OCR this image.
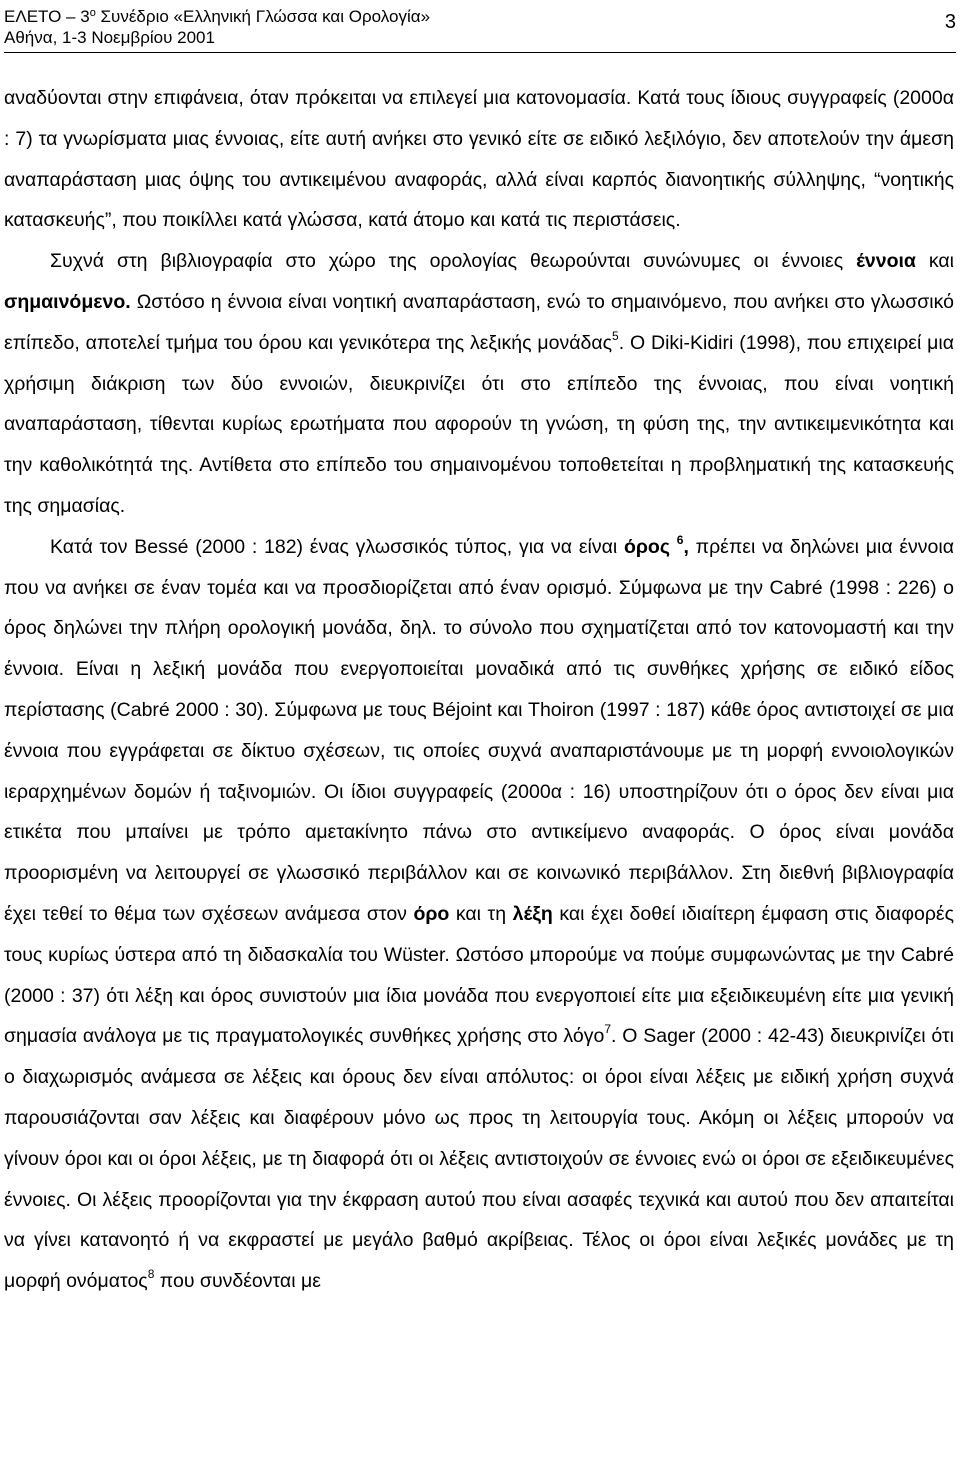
ΕΛΕΤΟ – $3^o$ Συνέδριο «Ελληνική Γλώσσα και Ορολογία»
Αθήνα, 1-3 Νοεμβρίου 2001
3

αναδύονται στην επιφάνεια, όταν πρόκειται να επιλεγεί μια κατονομασία. Κατά τους ίδιους συγγραφείς (2000α : 7) τα γνωρίσματα μιας έννοιας, είτε αυτή ανήκει στο γενικό είτε σε ειδικό λεξιλόγιο, δεν αποτελούν την άμεση αναπαράσταση μιας όψης του αντικειμένου αναφοράς, αλλά είναι καρπός διανοητικής σύλληψης, “νοητικής κατασκευής”, που ποικίλλει κατά γλώσσα, κατά άτομο και κατά τις περιστάσεις.

Συχνά στη βιβλιογραφία στο χώρο της ορολογίας θεωρούνται συνώνυμες οι έννοιες έννοια και σημαινόμενο. Ωστόσο η έννοια είναι νοητική αναπαράσταση, ενώ το σημαινόμενο, που ανήκει στο γλωσσικό επίπεδο, αποτελεί τμήμα του όρου και γενικότερα της λεξικής μονάδας$^5$. Ο Diki-Kidiri (1998), που επιχειρεί μια χρήσιμη διάκριση των δύο εννοιών, διευκρινίζει ότι στο επίπεδο της έννοιας, που είναι νοητική αναπαράσταση, τίθενται κυρίως ερωτήματα που αφορούν τη γνώση, τη φύση της, την αντικειμενικότητα και την καθολικότητά της. Αντίθετα στο επίπεδο του σημαινομένου τοποθετείται η προβληματική της κατασκευής της σημασίας.

Κατά τον Bessé (2000 : 182) ένας γλωσσικός τύπος, για να είναι όρος $^6$, πρέπει να δηλώνει μια έννοια που να ανήκει σε έναν τομέα και να προσδιορίζεται από έναν ορισμό. Σύμφωνα με την Cabré (1998 : 226) ο όρος δηλώνει την πλήρη ορολογική μονάδα, δηλ. το σύνολο που σχηματίζεται από τον κατονομαστή και την έννοια. Είναι η λεξική μονάδα που ενεργοποιείται μοναδικά από τις συνθήκες χρήσης σε ειδικό είδος περίστασης (Cabré 2000 : 30). Σύμφωνα με τους Béjoint και Thoiron (1997 : 187) κάθε όρος αντιστοιχεί σε μια έννοια που εγγράφεται σε δίκτυο σχέσεων, τις οποίες συχνά αναπαριστάνουμε με τη μορφή εννοιολογικών ιεραρχημένων δομών ή ταξινομιών. Οι ίδιοι συγγραφείς (2000α : 16) υποστηρίζουν ότι ο όρος δεν είναι μια ετικέτα που μπαίνει με τρόπο αμετακίνητο πάνω στο αντικείμενο αναφοράς. Ο όρος είναι μονάδα προορισμένη να λειτουργεί σε γλωσσικό περιβάλλον και σε κοινωνικό περιβάλλον. Στη διεθνή βιβλιογραφία έχει τεθεί το θέμα των σχέσεων ανάμεσα στον όρο και τη λέξη και έχει δοθεί ιδιαίτερη έμφαση στις διαφορές τους κυρίως ύστερα από τη διδασκαλία του Wüster. Ωστόσο μπορούμε να πούμε συμφωνώντας με την Cabré (2000 : 37) ότι λέξη και όρος συνιστούν μια ίδια μονάδα που ενεργοποιεί είτε μια εξειδικευμένη είτε μια γενική σημασία ανάλογα με τις πραγματολογικές συνθήκες χρήσης στο λόγο$^7$. Ο Sager (2000 : 42-43) διευκρινίζει ότι ο διαχωρισμός ανάμεσα σε λέξεις και όρους δεν είναι απόλυτος: οι όροι είναι λέξεις με ειδική χρήση συχνά παρουσιάζονται σαν λέξεις και διαφέρουν μόνο ως προς τη λειτουργία τους. Ακόμη οι λέξεις μπορούν να γίνουν όροι και οι όροι λέξεις, με τη διαφορά ότι οι λέξεις αντιστοιχούν σε έννοιες ενώ οι όροι σε εξειδικευμένες έννοιες. Οι λέξεις προορίζονται για την έκφραση αυτού που είναι ασαφές τεχνικά και αυτού που δεν απαιτείται να γίνει κατανοητό ή να εκφραστεί με μεγάλο βαθμό ακρίβειας. Τέλος οι όροι είναι λεξικές μονάδες με τη μορφή ονόματος$^8$ που συνδέονται με
